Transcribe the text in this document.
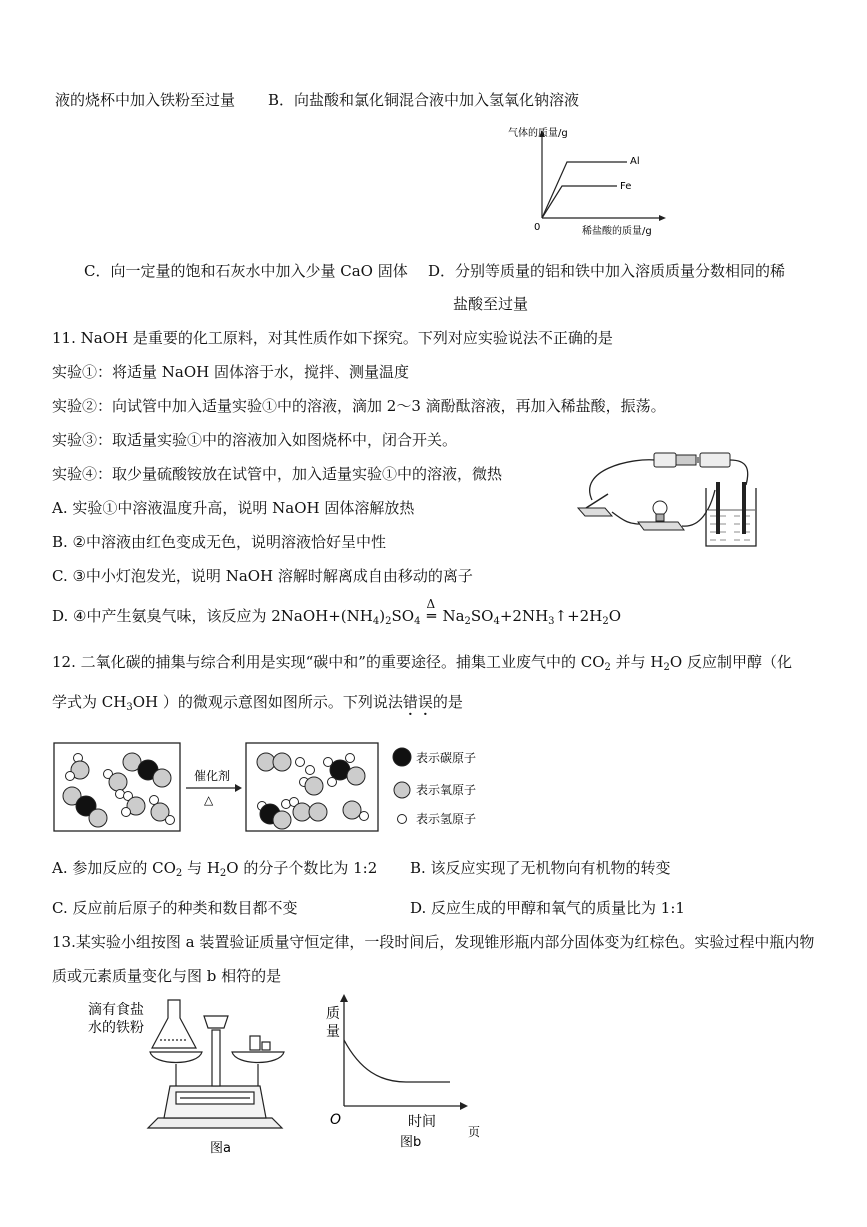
液的烧杯中加入铁粉至过量 B．向盐酸和氯化铜混合液中加入氢氧化钠溶液
气体的质量/g
稀盐酸的质量/g
0
Al
Fe
C．向一定量的饱和石灰水中加入少量 CaO 固体 D．分别等质量的铝和铁中加入溶质质量分数相同的稀
盐酸至过量
11. NaOH 是重要的化工原料，对其性质作如下探究。下列对应实验说法不正确的是
实验①：将适量 NaOH 固体溶于水，搅拌、测量温度
实验②：向试管中加入适量实验①中的溶液，滴加 2～3 滴酚酞溶液，再加入稀盐酸，振荡。
实验③：取适量实验①中的溶液加入如图烧杯中，闭合开关。
实验④：取少量硫酸铵放在试管中，加入适量实验①中的溶液，微热
A. 实验①中溶液温度升高，说明 NaOH 固体溶解放热
B. ②中溶液由红色变成无色，说明溶液恰好呈中性
C. ③中小灯泡发光，说明 NaOH 溶解时解离成自由移动的离子
D. ④中产生氨臭气味，该反应为 $2NaOH+(NH_4)_2SO_4$
Δ
═ $Na_2SO_4+2NH_3↑+2H_2O$
12. 二氧化碳的捕集与综合利用是实现“碳中和”的重要途径。捕集工业废气中的 $CO_2$ 并与 $H_2O$ 反应制甲醇（化
学式为 $CH_3OH$ ）的微观示意图如图所示。下列说法错误的是
催化剂
△
表示碳原子
表示氧原子
表示氢原子
A. 参加反应的 $CO_2$ 与 $H_2O$ 的分子个数比为 1:2 B. 该反应实现了无机物向有机物的转变
C. 反应前后原子的种类和数目都不变	D. 反应生成的甲醇和氧气的质量比为 1:1
13.某实验小组按图 a 装置验证质量守恒定律，一段时间后，发现锥形瓶内部分固体变为红棕色。实验过程中瓶内物
质或元素质量变化与图 b 相符的是
滴有食盐
水的铁粉
图a
质
量
时间
O
图b
页
